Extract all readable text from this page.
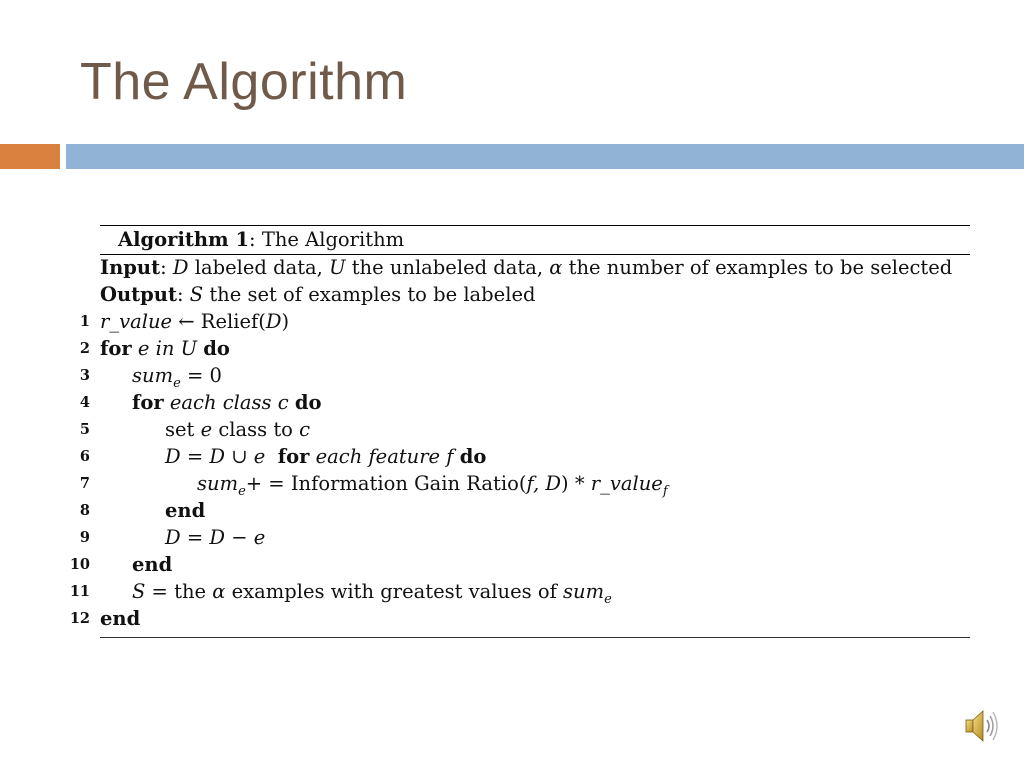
The Algorithm
Algorithm 1: The Algorithm
Input: D labeled data, U the unlabeled data, α the number of examples to be selected
Output: S the set of examples to be labeled
1 r_value ← Relief(D)
2 for e in U do
3 sum$_e$ = 0
4 for each class c do
5	set e class to c
6	D = D ∪ e for each feature f do
7	sum$_e$+ = Information Gain Ratio(f, D) * r_value$_f$
8	end
9	D = D − e
10 end
11 S = the α examples with greatest values of sum$_e$
12 end
